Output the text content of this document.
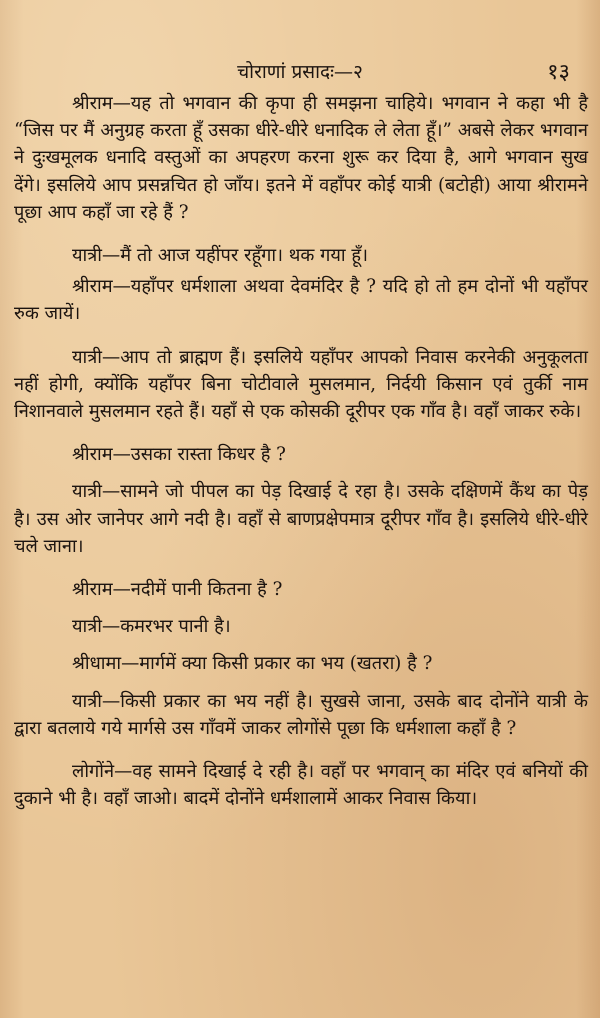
चोराणां प्रसादः—२	१३

श्रीराम—यह तो भगवान की कृपा ही समझना चाहिये। भगवान ने कहा भी है “जिस पर मैं अनुग्रह करता हूँ उसका धीरे-धीरे धनादिक ले लेता हूँ।” अबसे लेकर भगवान ने दुःखमूलक धनादि वस्तुओं का अपहरण करना शुरू कर दिया है, आगे भगवान सुख देंगे। इसलिये आप प्रसन्नचित हो जाँय। इतने में वहाँपर कोई यात्री (बटोही) आया श्रीरामने पूछा आप कहाँ जा रहे हैं ?

यात्री—मैं तो आज यहींपर रहूँगा। थक गया हूँ।

श्रीराम—यहाँपर धर्मशाला अथवा देवमंदिर है ? यदि हो तो हम दोनों भी यहाँपर रुक जायें।

यात्री—आप तो ब्राह्मण हैं। इसलिये यहाँपर आपको निवास करनेकी अनुकूलता नहीं होगी, क्योंकि यहाँपर बिना चोटीवाले मुसलमान, निर्दयी किसान एवं तुर्की नाम निशानवाले मुसलमान रहते हैं। यहाँ से एक कोसकी दूरीपर एक गाँव है। वहाँ जाकर रुके।

श्रीराम—उसका रास्ता किधर है ?

यात्री—सामने जो पीपल का पेड़ दिखाई दे रहा है। उसके दक्षिणमें कैंथ का पेड़ है। उस ओर जानेपर आगे नदी है। वहाँ से बाणप्रक्षेपमात्र दूरीपर गाँव है। इसलिये धीरे-धीरे चले जाना।

श्रीराम—नदीमें पानी कितना है ?

यात्री—कमरभर पानी है।

श्रीधामा—मार्गमें क्या किसी प्रकार का भय (खतरा) है ?

यात्री—किसी प्रकार का भय नहीं है। सुखसे जाना, उसके बाद दोनोंने यात्री के द्वारा बतलाये गये मार्गसे उस गाँवमें जाकर लोगोंसे पूछा कि धर्मशाला कहाँ है ?

लोगोंने—वह सामने दिखाई दे रही है। वहाँ पर भगवान् का मंदिर एवं बनियों की दुकाने भी है। वहाँ जाओ। बादमें दोनोंने धर्मशालामें आकर निवास किया।
